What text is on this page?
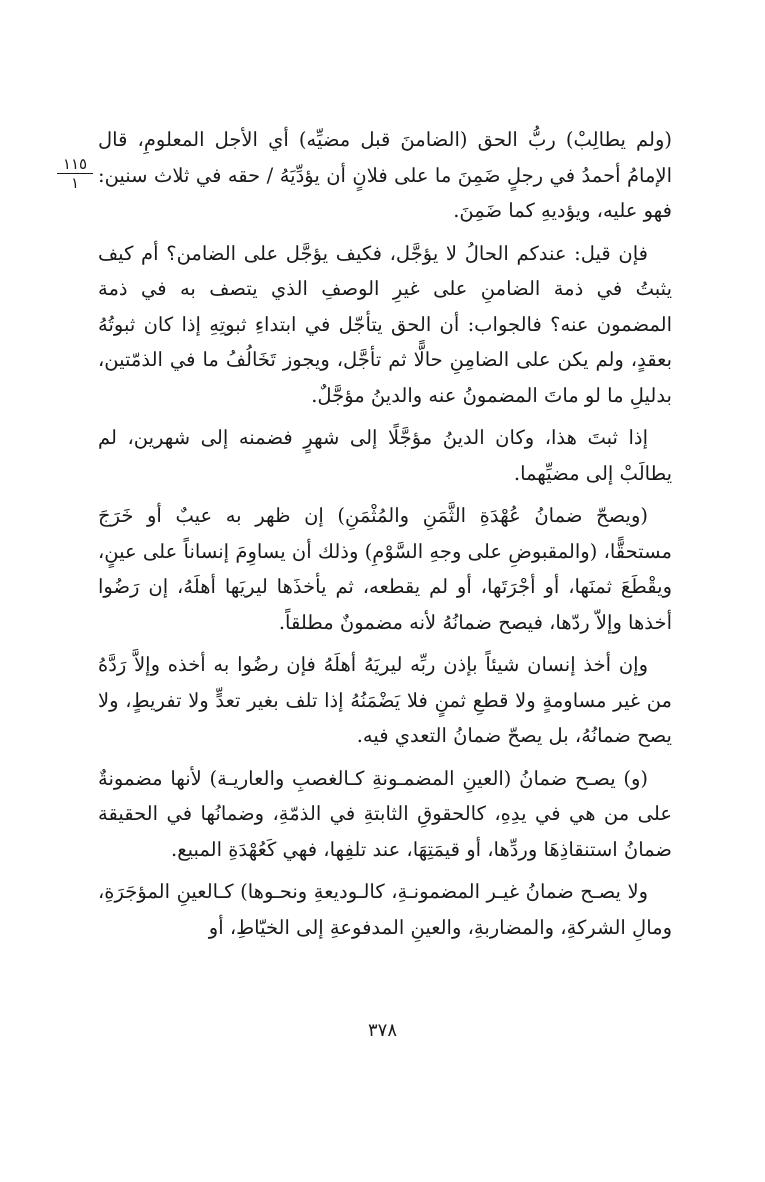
(ولم يطالِبْ) ربُّ الحق (الضامنَ قبل مضيِّه) أي الأجل المعلومِ، قال الإمامُ أحمدُ في رجلٍ ضَمِنَ ما على فلانٍ أن يؤدِّيَهُ / حقه في ثلاث سنين: فهو عليه، ويؤديهِ كما ضَمِنَ.

فإن قيل: عندكم الحالُ لا يؤجَّل، فكيف يؤجَّل على الضامن؟ أم كيف يثبتُ في ذمة الضامنِ على غيرِ الوصفِ الذي يتصف به في ذمة المضمون عنه؟ فالجواب: أن الحق يتأجّل في ابتداءِ ثبوتِهِ إذا كان ثبوتُهُ بعقدٍ، ولم يكن على الضامِنِ حالًّا ثم تأجَّل، ويجوز تَخَالُفُ ما في الذمّتين، بدليلِ ما لو ماتَ المضمونُ عنه والدينُ مؤجَّلٌ.

إذا ثبتَ هذا، وكان الدينُ مؤجَّلًا إلى شهرٍ فضمنه إلى شهرين، لم يطالَبْ إلى مضيِّهما.

(ويصحّ ضمانُ عُهْدَةِ الثَّمَنِ والمُثْمَنِ) إن ظهر به عيبٌ أو خَرَجَ مستحقًّا، (والمقبوضِ على وجهِ السَّوْمِ) وذلك أن يساوِمَ إنساناً على عينٍ، ويقْطَعَ ثمنَها، أو أجْرَتَها، أو لم يقطعه، ثم يأخذَها ليريَها أهلَهُ، إن رَضُوا أخذها وإلاّ ردّها، فيصح ضمانُهُ لأنه مضمونٌ مطلقاً.

وإن أخذ إنسان شيئاً بإذن ربِّه ليريَهُ أهلَهُ فإن رضُوا به أخذه وإلاَّ رَدَّهُ من غير مساومةٍ ولا قطعِ ثمنٍ فلا يَضْمَنُهُ إذا تلف بغير تعدٍّ ولا تفريطٍ، ولا يصح ضمانُهُ، بل يصحّ ضمانُ التعدي فيه.

(و) يصـح ضمانُ (العينِ المضمـونةِ كـالغصبِ والعاريـة) لأنها مضمونةٌ على من هي في يدِهِ، كالحقوقِ الثابتةِ في الذمّةِ، وضمانُها في الحقيقة ضمانُ استنقاذِهَا وردِّها، أو قيمَتِهَا، عند تلفِها، فهي كَعُهْدَةِ المبيع.

ولا يصـح ضمانُ غيـر المضمونـةِ، كالـوديعةِ ونحـوها) كـالعينِ المؤجَرَةِ، ومالِ الشركةِ، والمضاربةِ، والعينِ المدفوعةِ إلى الخيّاطِ، أو

١١٥
١
٣٧٨
